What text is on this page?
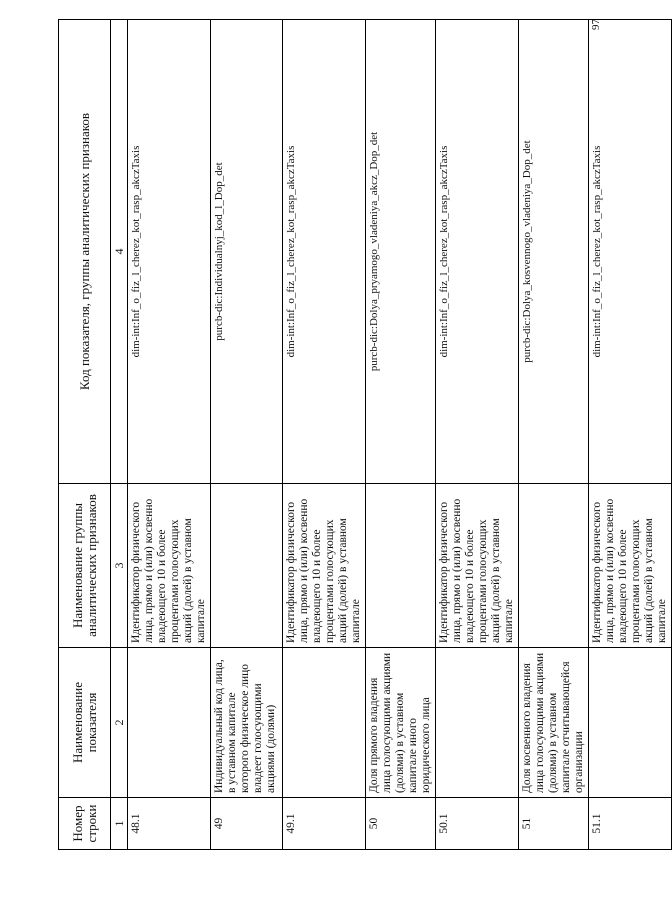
97
Номер строки	Наименование показателя	Наименование группы аналитических признаков	Код показателя, группы аналитических признаков
1	2	3	4
48.1		Идентификатор физического лица, прямо и (или) косвенно владеющего 10 и более процентами голосующих акций (долей) в уставном капитале	dim-int:Inf_o_fiz_l_cherez_kot_rasp_akczTaxis
49	Индивидуальный код лица, в уставном капитале которого физическое лицо владеет голосующими акциями (долями)		purcb-dic:Individualnyj_kod_l_Dop_det
49.1		Идентификатор физического лица, прямо и (или) косвенно владеющего 10 и более процентами голосующих акций (долей) в уставном капитале	dim-int:Inf_o_fiz_l_cherez_kot_rasp_akczTaxis
50	Доля прямого владения лица голосующими акциями (долями) в уставном капитале иного юридического лица		purcb-dic:Dolya_pryamogo_vladeniya_akcz_Dop_det
50.1		Идентификатор физического лица, прямо и (или) косвенно владеющего 10 и более процентами голосующих акций (долей) в уставном капитале	dim-int:Inf_o_fiz_l_cherez_kot_rasp_akczTaxis
51	Доля косвенного владения лица голосующими акциями (долями) в уставном капитале отчитывающейся организации		purcb-dic:Dolya_kosvennogo_vladeniya_Dop_det
51.1		Идентификатор физического лица, прямо и (или) косвенно владеющего 10 и более процентами голосующих акций (долей) в уставном капитале	dim-int:Inf_o_fiz_l_cherez_kot_rasp_akczTaxis
